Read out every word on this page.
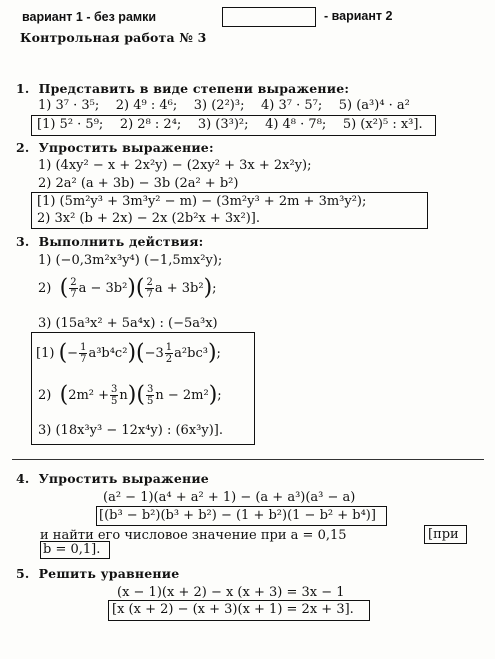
вариант 1 - без рамки	- вариант 2
Контрольная работа № 3
1. Представить в виде степени выражение:
1) 3⁷ · 3⁵; 2) 4⁹ : 4⁶; 3) (2²)³; 4) 3⁷ · 5⁷; 5) (a³)⁴ · a²
[1) 5² · 5⁹; 2) 2⁸ : 2⁴; 3) (3³)²; 4) 4⁸ · 7⁸; 5) (x²)⁵ : x³].
2. Упростить выражение:
1) (4xy² − x + 2x²y) − (2xy² + 3x + 2x²y);
2) 2a² (a + 3b) − 3b (2a² + b²)
[1) (5m²y³ + 3m³y² − m) − (3m²y³ + 2m + 3m³y²);
2) 3x² (b + 2x) − 2x (2b²x + 3x²)].
3. Выполнить действия:
1) (−0,3m²x³y⁴) (−1,5mx²y);
2) ( $\frac{2}{7}$ $a - 3b^2)( \frac{2}{7}$ a + 3b²);
3) (15a³x² + 5a⁴x) : (−5a³x)
[1) (− $\frac{1}{7} a^3b^4c^2)(-3 \frac{1}{2} a^2bc^3)$;
2) $(2m^2 + \frac{3}{5} n)( \frac{3}{5}$ n − 2m²);
3) (18x³y³ − 12x⁴y) : (6x³y)].
4. Упростить выражение
(a² − 1)(a⁴ + a² + 1) − (a + a³)(a³ − a)
[(b³ − b²)(b³ + b²) − (1 + b²)(1 − b² + b⁴)]
и найти его числовое значение при a = 0,15	[при
b = 0,1].
5. Решить уравнение
(x − 1)(x + 2) − x (x + 3) = 3x − 1
[x (x + 2) − (x + 3)(x + 1) = 2x + 3].
